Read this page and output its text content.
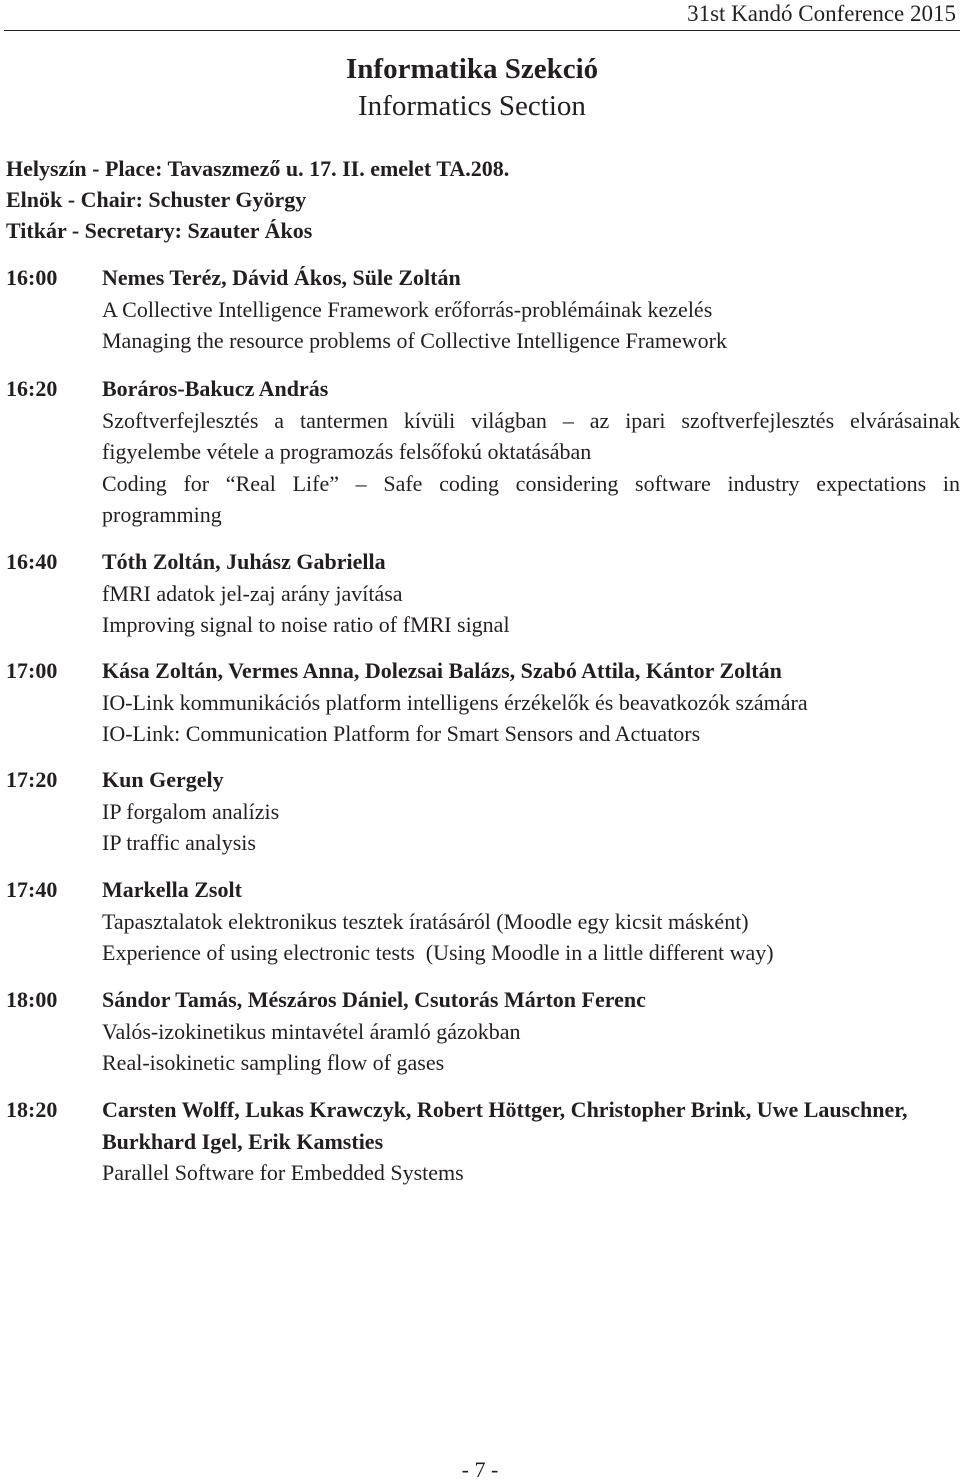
31st Kandó Conference 2015
Informatika Szekció
Informatics Section
Helyszín - Place: Tavaszmező u. 17. II. emelet TA.208.
Elnök - Chair: Schuster György
Titkár - Secretary: Szauter Ákos
16:00 Nemes Teréz, Dávid Ákos, Süle Zoltán
A Collective Intelligence Framework erőforrás-problémáinak kezelés
Managing the resource problems of Collective Intelligence Framework
16:20 Boráros-Bakucz András
Szoftverfejlesztés a tantermen kívüli világban – az ipari szoftverfejlesztés elvárásainak figyelembe vétele a programozás felsőfokú oktatásában
Coding for “Real Life” – Safe coding considering software industry expectations in programming
16:40 Tóth Zoltán, Juhász Gabriella
fMRI adatok jel-zaj arány javítása
Improving signal to noise ratio of fMRI signal
17:00 Kása Zoltán, Vermes Anna, Dolezsai Balázs, Szabó Attila, Kántor Zoltán
IO-Link kommunikációs platform intelligens érzékelők és beavatkozók számára
IO-Link: Communication Platform for Smart Sensors and Actuators
17:20 Kun Gergely
IP forgalom analízis
IP traffic analysis
17:40 Markella Zsolt
Tapasztalatok elektronikus tesztek íratásáról (Moodle egy kicsit másként)
Experience of using electronic tests  (Using Moodle in a little different way)
18:00 Sándor Tamás, Mészáros Dániel, Csutorás Márton Ferenc
Valós-izokinetikus mintavétel áramló gázokban
Real-isokinetic sampling flow of gases
18:20 Carsten Wolff, Lukas Krawczyk, Robert Höttger, Christopher Brink, Uwe Lauschner, Burkhard Igel, Erik Kamsties
Parallel Software for Embedded Systems
- 7 -
